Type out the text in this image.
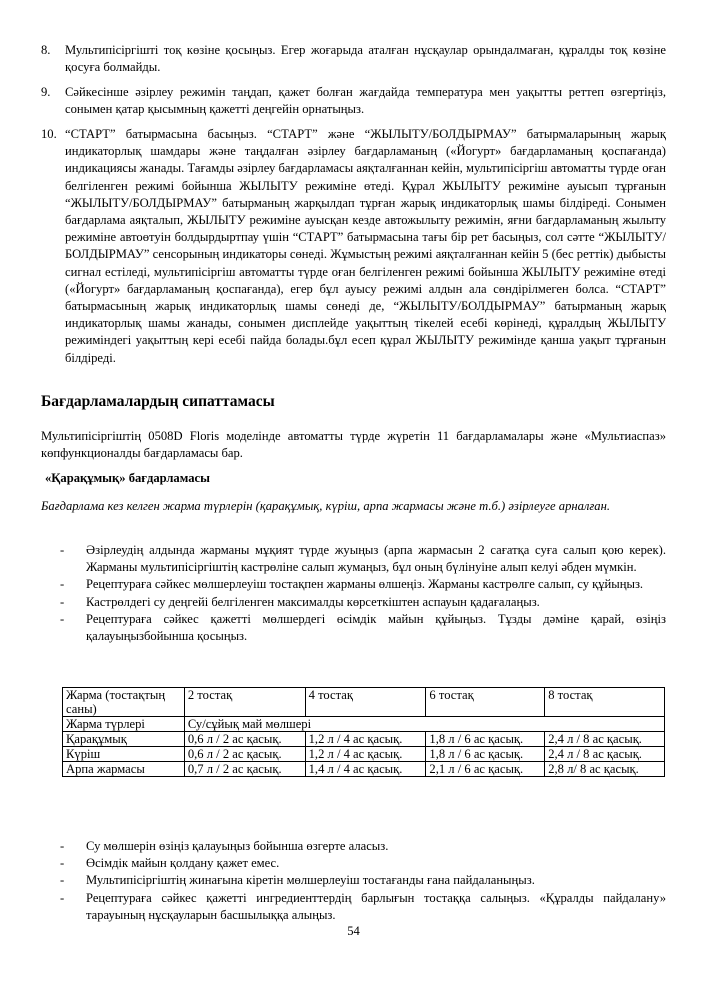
8.	Мультипісіргішті тоқ көзіне қосыңыз. Егер жоғарыда аталған нұсқаулар орындалмаған, құралды тоқ көзіне қосуға болмайды.
9.	Сәйкесінше әзірлеу режимін таңдап, қажет болған жағдайда температура мен уақытты реттеп өзгертіңіз, сонымен қатар қысымның қажетті деңгейін орнатыңыз.
10. “СТАРТ” батырмасына басыңыз. “СТАРТ” және “ЖЫЛЫТУ/БОЛДЫРМАУ” батырмаларының жарық индикаторлық шамдары және таңдалған әзірлеу бағдарламаның («Йогурт» бағдарламаның қоспағанда) индикациясы жанады. Тағамды әзірлеу бағдарламасы аяқталғаннан кейін, мультипісіргіш автоматты түрде оған белгіленген режимі бойынша ЖЫЛЫТУ режиміне өтеді. Құрал ЖЫЛЫТУ режиміне ауысып тұрғанын “ЖЫЛЫТУ/БОЛДЫРМАУ” батырманың жарқылдап тұрған жарық индикаторлық шамы білдіреді. Сонымен бағдарлама аяқталып, ЖЫЛЫТУ режиміне ауысқан кезде автожылыту режимін, яғни бағдарламаның жылыту режиміне автоөтуін болдырдыртпау үшін “СТАРТ” батырмасына тағы бір рет басыңыз, сол сәтте “ЖЫЛЫТУ/БОЛДЫРМАУ” сенсорының индикаторы сөнеді. Жұмыстың режимі аяқталғаннан кейін 5 (бес реттік) дыбысты сигнал естіледі, мультипісіргіш автоматты түрде оған белгіленген режимі бойынша ЖЫЛЫТУ режиміне өтеді («Йогурт» бағдарламаның қоспағанда), егер бұл ауысу режимі алдын ала сөндірілмеген болса. “СТАРТ” батырмасының жарық индикаторлық шамы сөнеді де, “ЖЫЛЫТУ/БОЛДЫРМАУ” батырманың жарық индикаторлық шамы жанады, сонымен дисплейде уақыттың тікелей есебі көрінеді, құралдың ЖЫЛЫТУ режиміндегі уақыттың кері есебі пайда болады.бұл есеп құрал ЖЫЛЫТУ режимінде қанша уақыт тұрғанын білдіреді.
Бағдарламалардың сипаттамасы
Мультипісіргіштің 0508D Floris моделінде автоматты түрде жүретін 11 бағдарламалары және «Мультиаспаз» көпфункционалды бағдарламасы бар.
«Қарақұмық» бағдарламасы
Бағдарлама кез келген жарма түрлерін (қарақұмық, күріш, арпа жармасы және т.б.) әзірлеуге арналған.
- Әзірлеудің алдында жарманы мұқият түрде жуыңыз (арпа жармасын 2 сағатқа суға салып қою керек). Жарманы мультипісіргіштің кастрөліне салып жумаңыз, бұл оның бүлінуіне алып келуі әбден мүмкін.
- Рецептураға сәйкес мөлшерлеуіш тостақпен жарманы өлшеңіз. Жарманы кастрөлге салып, су құйыңыз.
- Кастрөлдегі су деңгейі белгіленген максималды көрсеткіштен аспауын қадағалаңыз.
- Рецептураға сәйкес қажетті мөлшердегі өсімдік майын құйыңыз. Тұзды дәміне қарай, өзіңіз қалауыңызбойынша қосыңыз.
Жарма (тостақтың саны)	2 тостақ	4 тостақ	6 тостақ	8 тостақ
Жарма түрлері	Су/сұйық май мөлшері			
Қарақұмық	0,6 л / 2 ас қасық.	1,2 л / 4 ас қасық.	1,8 л / 6 ас қасық.	2,4 л / 8 ас қасық.
Күріш	0,6 л / 2 ас қасық.	1,2 л / 4 ас қасық.	1,8 л / 6 ас қасық.	2,4 л / 8 ас қасық.
Арпа жармасы	0,7 л / 2 ас қасық.	1,4 л / 4 ас қасық.	2,1 л / 6 ас қасық.	2,8 л/ 8 ас қасық.
- Су мөлшерін өзіңіз қалауыңыз бойынша өзгерте аласыз.
- Өсімдік майын қолдану қажет емес.
- Мультипісіргіштің жинағына кіретін мөлшерлеуіш тостағанды ғана пайдаланыңыз.
- Рецептураға сәйкес қажетті ингредиенттердің барлығын тостаққа салыңыз. «Құралды пайдалану» тарауының нұсқауларын басшылыққа алыңыз.
54
